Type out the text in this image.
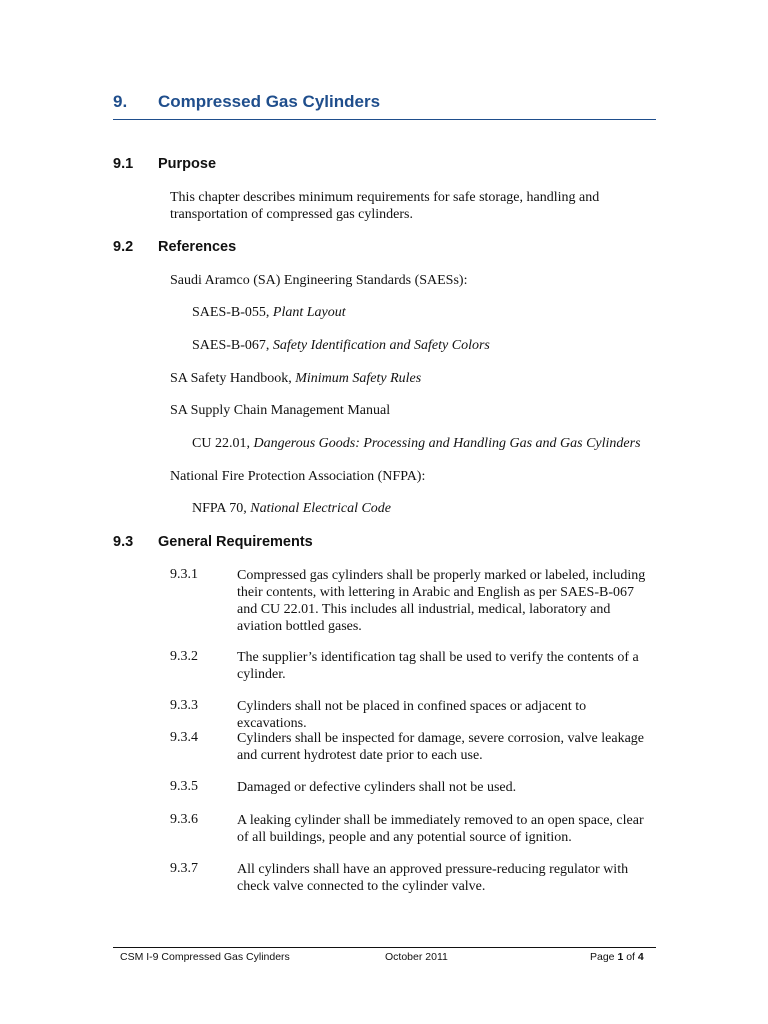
9. Compressed Gas Cylinders
9.1 Purpose
This chapter describes minimum requirements for safe storage, handling and transportation of compressed gas cylinders.
9.2 References
Saudi Aramco (SA) Engineering Standards (SAESs):
SAES-B-055, Plant Layout
SAES-B-067, Safety Identification and Safety Colors
SA Safety Handbook, Minimum Safety Rules
SA Supply Chain Management Manual
CU 22.01, Dangerous Goods: Processing and Handling Gas and Gas Cylinders
National Fire Protection Association (NFPA):
NFPA 70, National Electrical Code
9.3 General Requirements
9.3.1	Compressed gas cylinders shall be properly marked or labeled, including their contents, with lettering in Arabic and English as per SAES-B-067 and CU 22.01. This includes all industrial, medical, laboratory and aviation bottled gases.
9.3.2	The supplier’s identification tag shall be used to verify the contents of a cylinder.
9.3.3	Cylinders shall not be placed in confined spaces or adjacent to excavations.
9.3.4	Cylinders shall be inspected for damage, severe corrosion, valve leakage and current hydrotest date prior to each use.
9.3.5	Damaged or defective cylinders shall not be used.
9.3.6	A leaking cylinder shall be immediately removed to an open space, clear of all buildings, people and any potential source of ignition.
9.3.7	All cylinders shall have an approved pressure-reducing regulator with check valve connected to the cylinder valve.
CSM I-9 Compressed Gas Cylinders	October 2011	Page 1 of 4
